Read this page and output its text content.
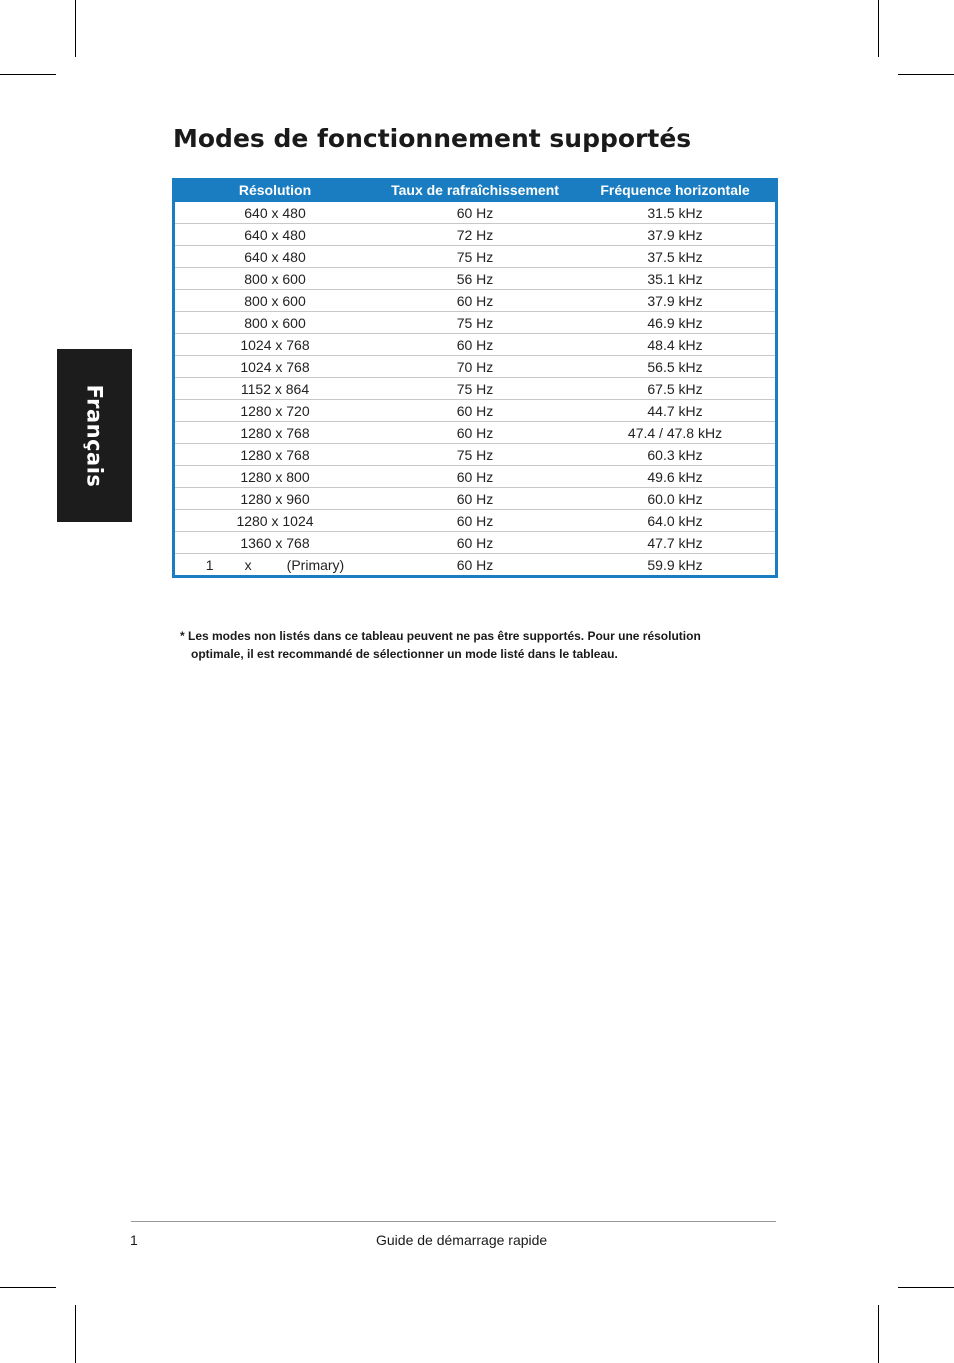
Français
Modes de fonctionnement supportés
Résolution	Taux de rafraîchissement	Fréquence horizontale
640 x 480	60 Hz	31.5 kHz
640 x 480	72 Hz	37.9 kHz
640 x 480	75 Hz	37.5 kHz
800 x 600	56 Hz	35.1 kHz
800 x 600	60 Hz	37.9 kHz
800 x 600	75 Hz	46.9 kHz
1024 x 768	60 Hz	48.4 kHz
1024 x 768	70 Hz	56.5 kHz
1152 x 864	75 Hz	67.5 kHz
1280 x 720	60 Hz	44.7 kHz
1280 x 768	60 Hz	47.4 / 47.8 kHz
1280 x 768	75 Hz	60.3 kHz
1280 x 800	60 Hz	49.6 kHz
1280 x 960	60 Hz	60.0 kHz
1280 x 1024	60 Hz	64.0 kHz
1360 x 768	60 Hz	47.7 kHz
1        x         (Primary)	60 Hz	59.9 kHz
* Les modes non listés dans ce tableau peuvent ne pas être supportés. Pour une résolution
optimale, il est recommandé de sélectionner un mode listé dans le tableau.
1	Guide de démarrage rapide
